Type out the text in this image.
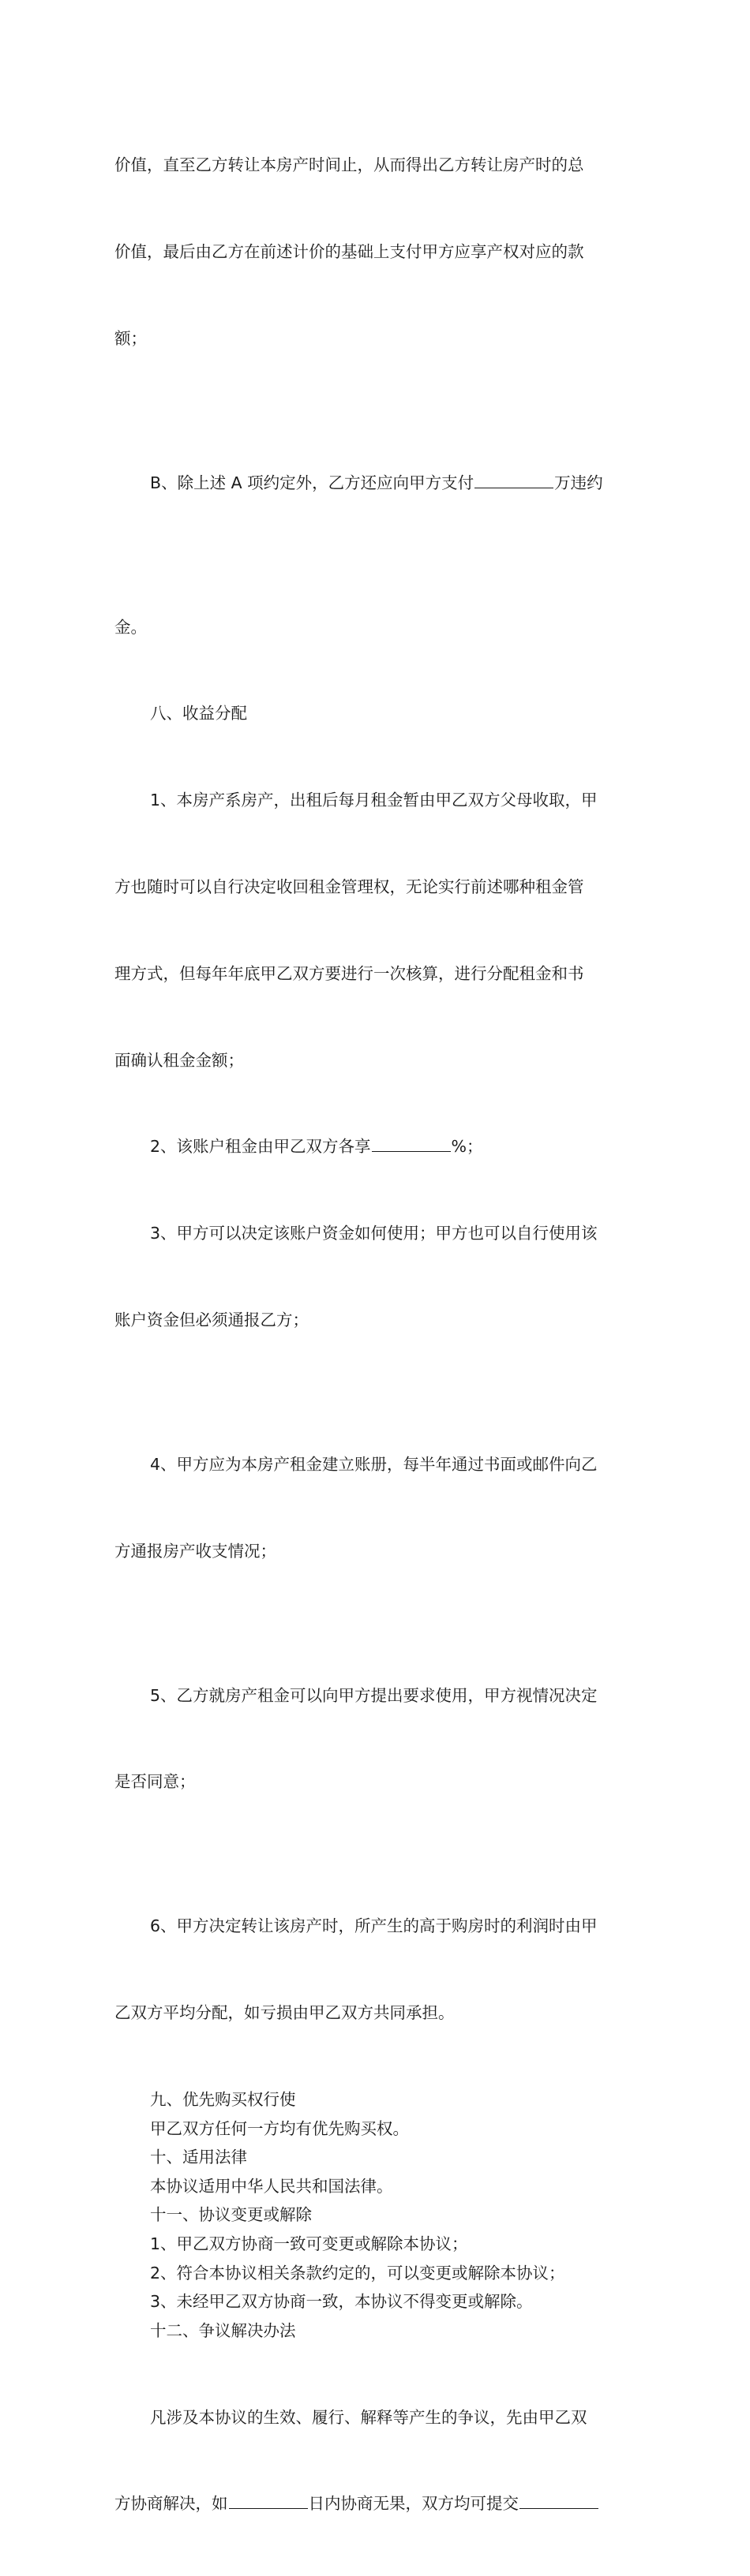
价值，直至乙方转让本房产时间止，从而得出乙方转让房产时的总

价值，最后由乙方在前述计价的基础上支付甲方应享产权对应的款

额；

B、除上述 A 项约定外，乙方还应向甲方支付	万违约

金。

八、收益分配

1、本房产系房产，出租后每月租金暂由甲乙双方父母收取，甲

方也随时可以自行决定收回租金管理权，无论实行前述哪种租金管

理方式，但每年年底甲乙双方要进行一次核算，进行分配租金和书

面确认租金金额；

2、该账户租金由甲乙双方各享	%；

3、甲方可以决定该账户资金如何使用；甲方也可以自行使用该

账户资金但必须通报乙方；

4、甲方应为本房产租金建立账册，每半年通过书面或邮件向乙

方通报房产收支情况；

5、乙方就房产租金可以向甲方提出要求使用，甲方视情况决定

是否同意；

6、甲方决定转让该房产时，所产生的高于购房时的利润时由甲

乙双方平均分配，如亏损由甲乙双方共同承担。

九、优先购买权行使

甲乙双方任何一方均有优先购买权。

十、适用法律

本协议适用中华人民共和国法律。

十一、协议变更或解除

1、甲乙双方协商一致可变更或解除本协议；

2、符合本协议相关条款约定的，可以变更或解除本协议；

3、未经甲乙双方协商一致，本协议不得变更或解除。

十二、争议解决办法

凡涉及本协议的生效、履行、解释等产生的争议，先由甲乙双

方协商解决，如	日内协商无果，双方均可提交
